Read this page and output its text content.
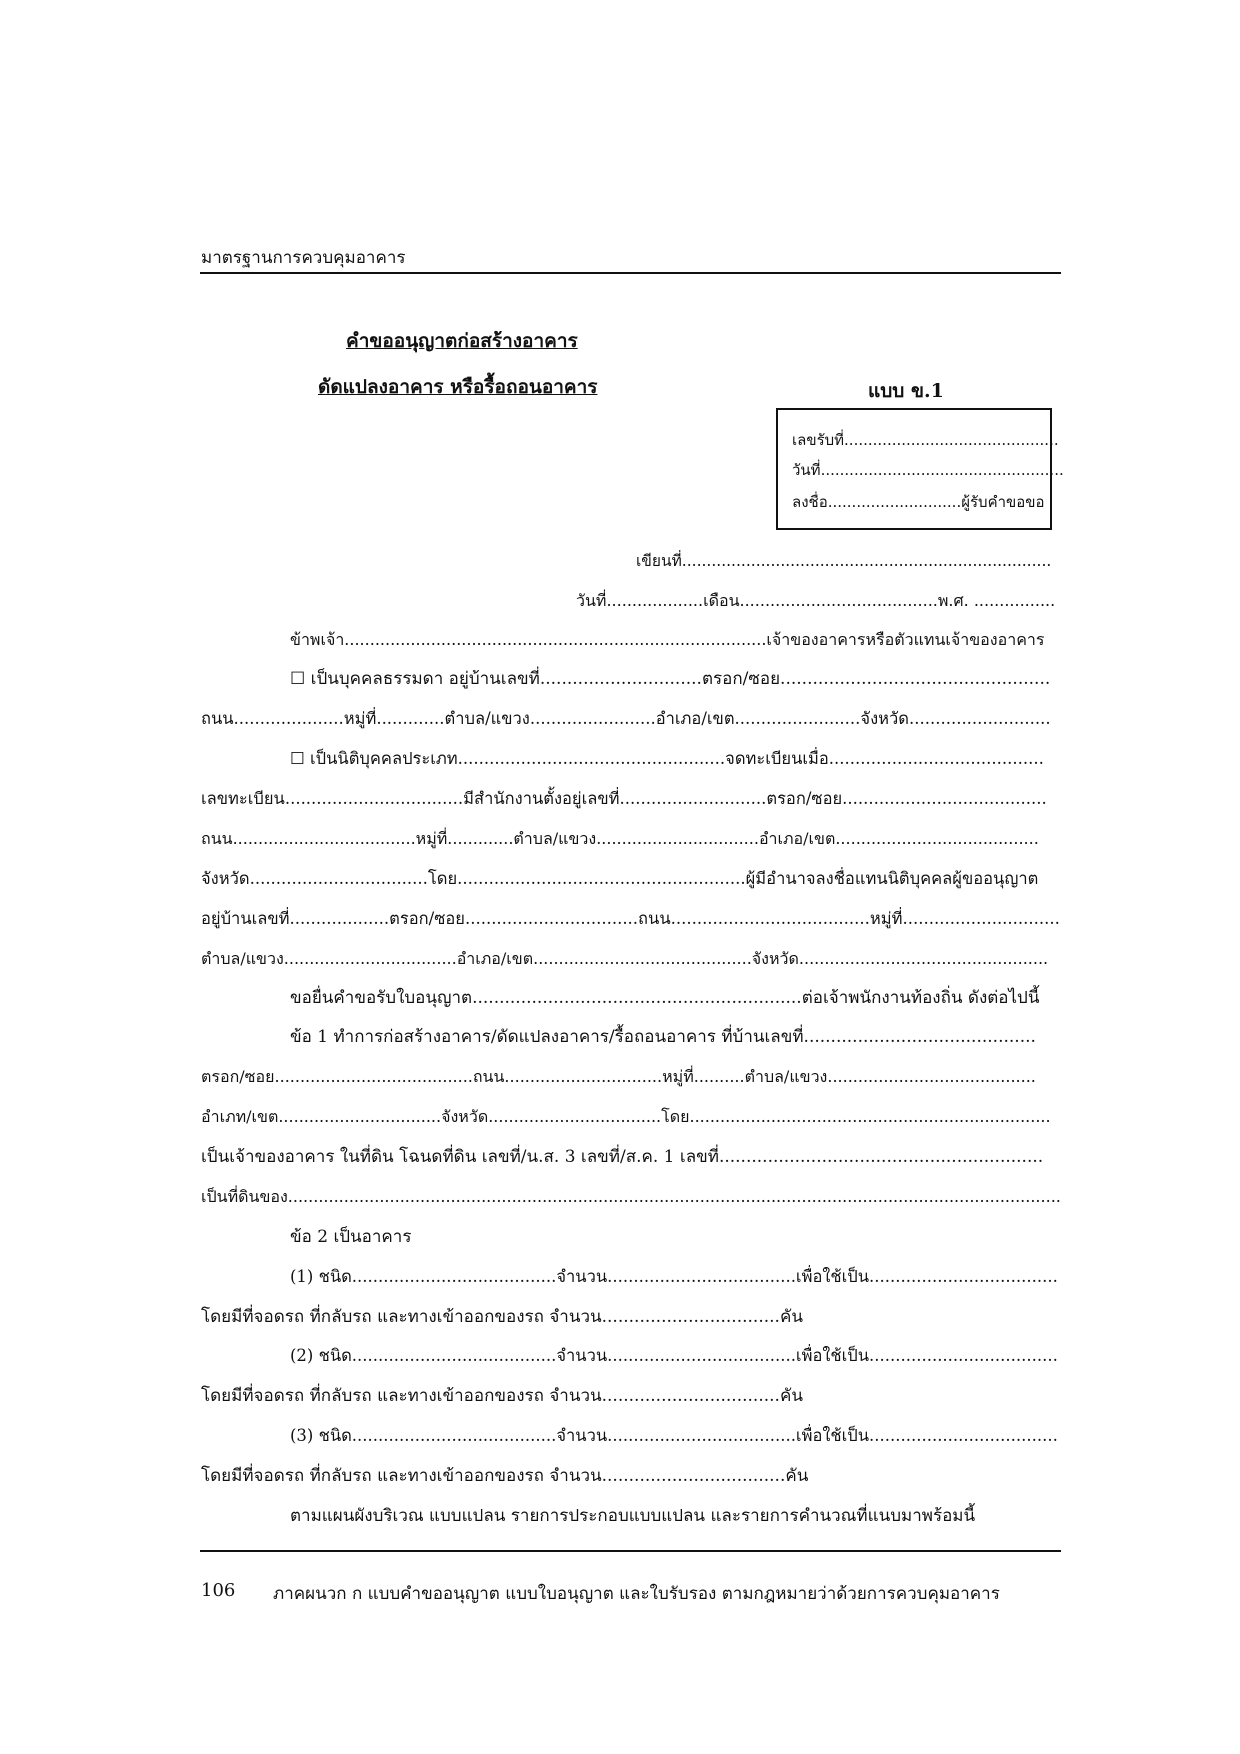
มาตรฐานการควบคุมอาคาร
คำขออนุญาตก่อสร้างอาคาร
ดัดแปลงอาคาร หรือรื้อถอนอาคาร	แบบ ข.1
เลขรับที่.............................................
วันที่...................................................
ลงชื่อ............................ผู้รับคำขอขอ
เขียนที่...........................................................................
วันที่...................เดือน.......................................พ.ศ. ................
ข้าพเจ้า...................................................................................เจ้าของอาคารหรือตัวแทนเจ้าของอาคาร
☐ เป็นบุคคลธรรมดา อยู่บ้านเลขที่..............................ตรอก/ซอย..................................................
ถนน.....................หมู่ที่.............ตำบล/แขวง........................อำเภอ/เขต........................จังหวัด...........................
☐ เป็นนิติบุคคลประเภท...................................................จดทะเบียนเมื่อ.........................................
เลขทะเบียน..................................มีสำนักงานตั้งอยู่เลขที่............................ตรอก/ซอย.......................................
ถนน....................................หมู่ที่.............ตำบล/แขวง................................อำเภอ/เขต........................................
จังหวัด..................................โดย.......................................................ผู้มีอำนาจลงชื่อแทนนิติบุคคลผู้ขออนุญาต
อยู่บ้านเลขที่...................ตรอก/ซอย.................................ถนน......................................หมู่ที่..............................
ตำบล/แขวง..................................อำเภอ/เขต...........................................จังหวัด.................................................
ขอยื่นคำขอรับใบอนุญาต.............................................................ต่อเจ้าพนักงานท้องถิ่น ดังต่อไปนี้
ข้อ 1 ทำการก่อสร้างอาคาร/ดัดแปลงอาคาร/รื้อถอนอาคาร ที่บ้านเลขที่...........................................
ตรอก/ซอย.......................................ถนน...............................หมู่ที่..........ตำบล/แขวง.........................................
อำเภท/เขต................................จังหวัด..................................โดย.......................................................................
เป็นเจ้าของอาคาร ในที่ดิน โฉนดที่ดิน เลขที่/น.ส. 3 เลขที่/ส.ค. 1 เลขที่............................................................
เป็นที่ดินของ........................................................................................................................................................
ข้อ 2 เป็นอาคาร
(1) ชนิด.......................................จำนวน....................................เพื่อใช้เป็น....................................
โดยมีที่จอดรถ ที่กลับรถ และทางเข้าออกของรถ จำนวน.................................คัน
(2) ชนิด.......................................จำนวน....................................เพื่อใช้เป็น....................................
โดยมีที่จอดรถ ที่กลับรถ และทางเข้าออกของรถ จำนวน.................................คัน
(3) ชนิด.......................................จำนวน....................................เพื่อใช้เป็น....................................
โดยมีที่จอดรถ ที่กลับรถ และทางเข้าออกของรถ จำนวน..................................คัน
ตามแผนผังบริเวณ แบบแปลน รายการประกอบแบบแปลน และรายการคำนวณที่แนบมาพร้อมนี้
106 ภาคผนวก ก แบบคำขออนุญาต แบบใบอนุญาต และใบรับรอง ตามกฎหมายว่าด้วยการควบคุมอาคาร
